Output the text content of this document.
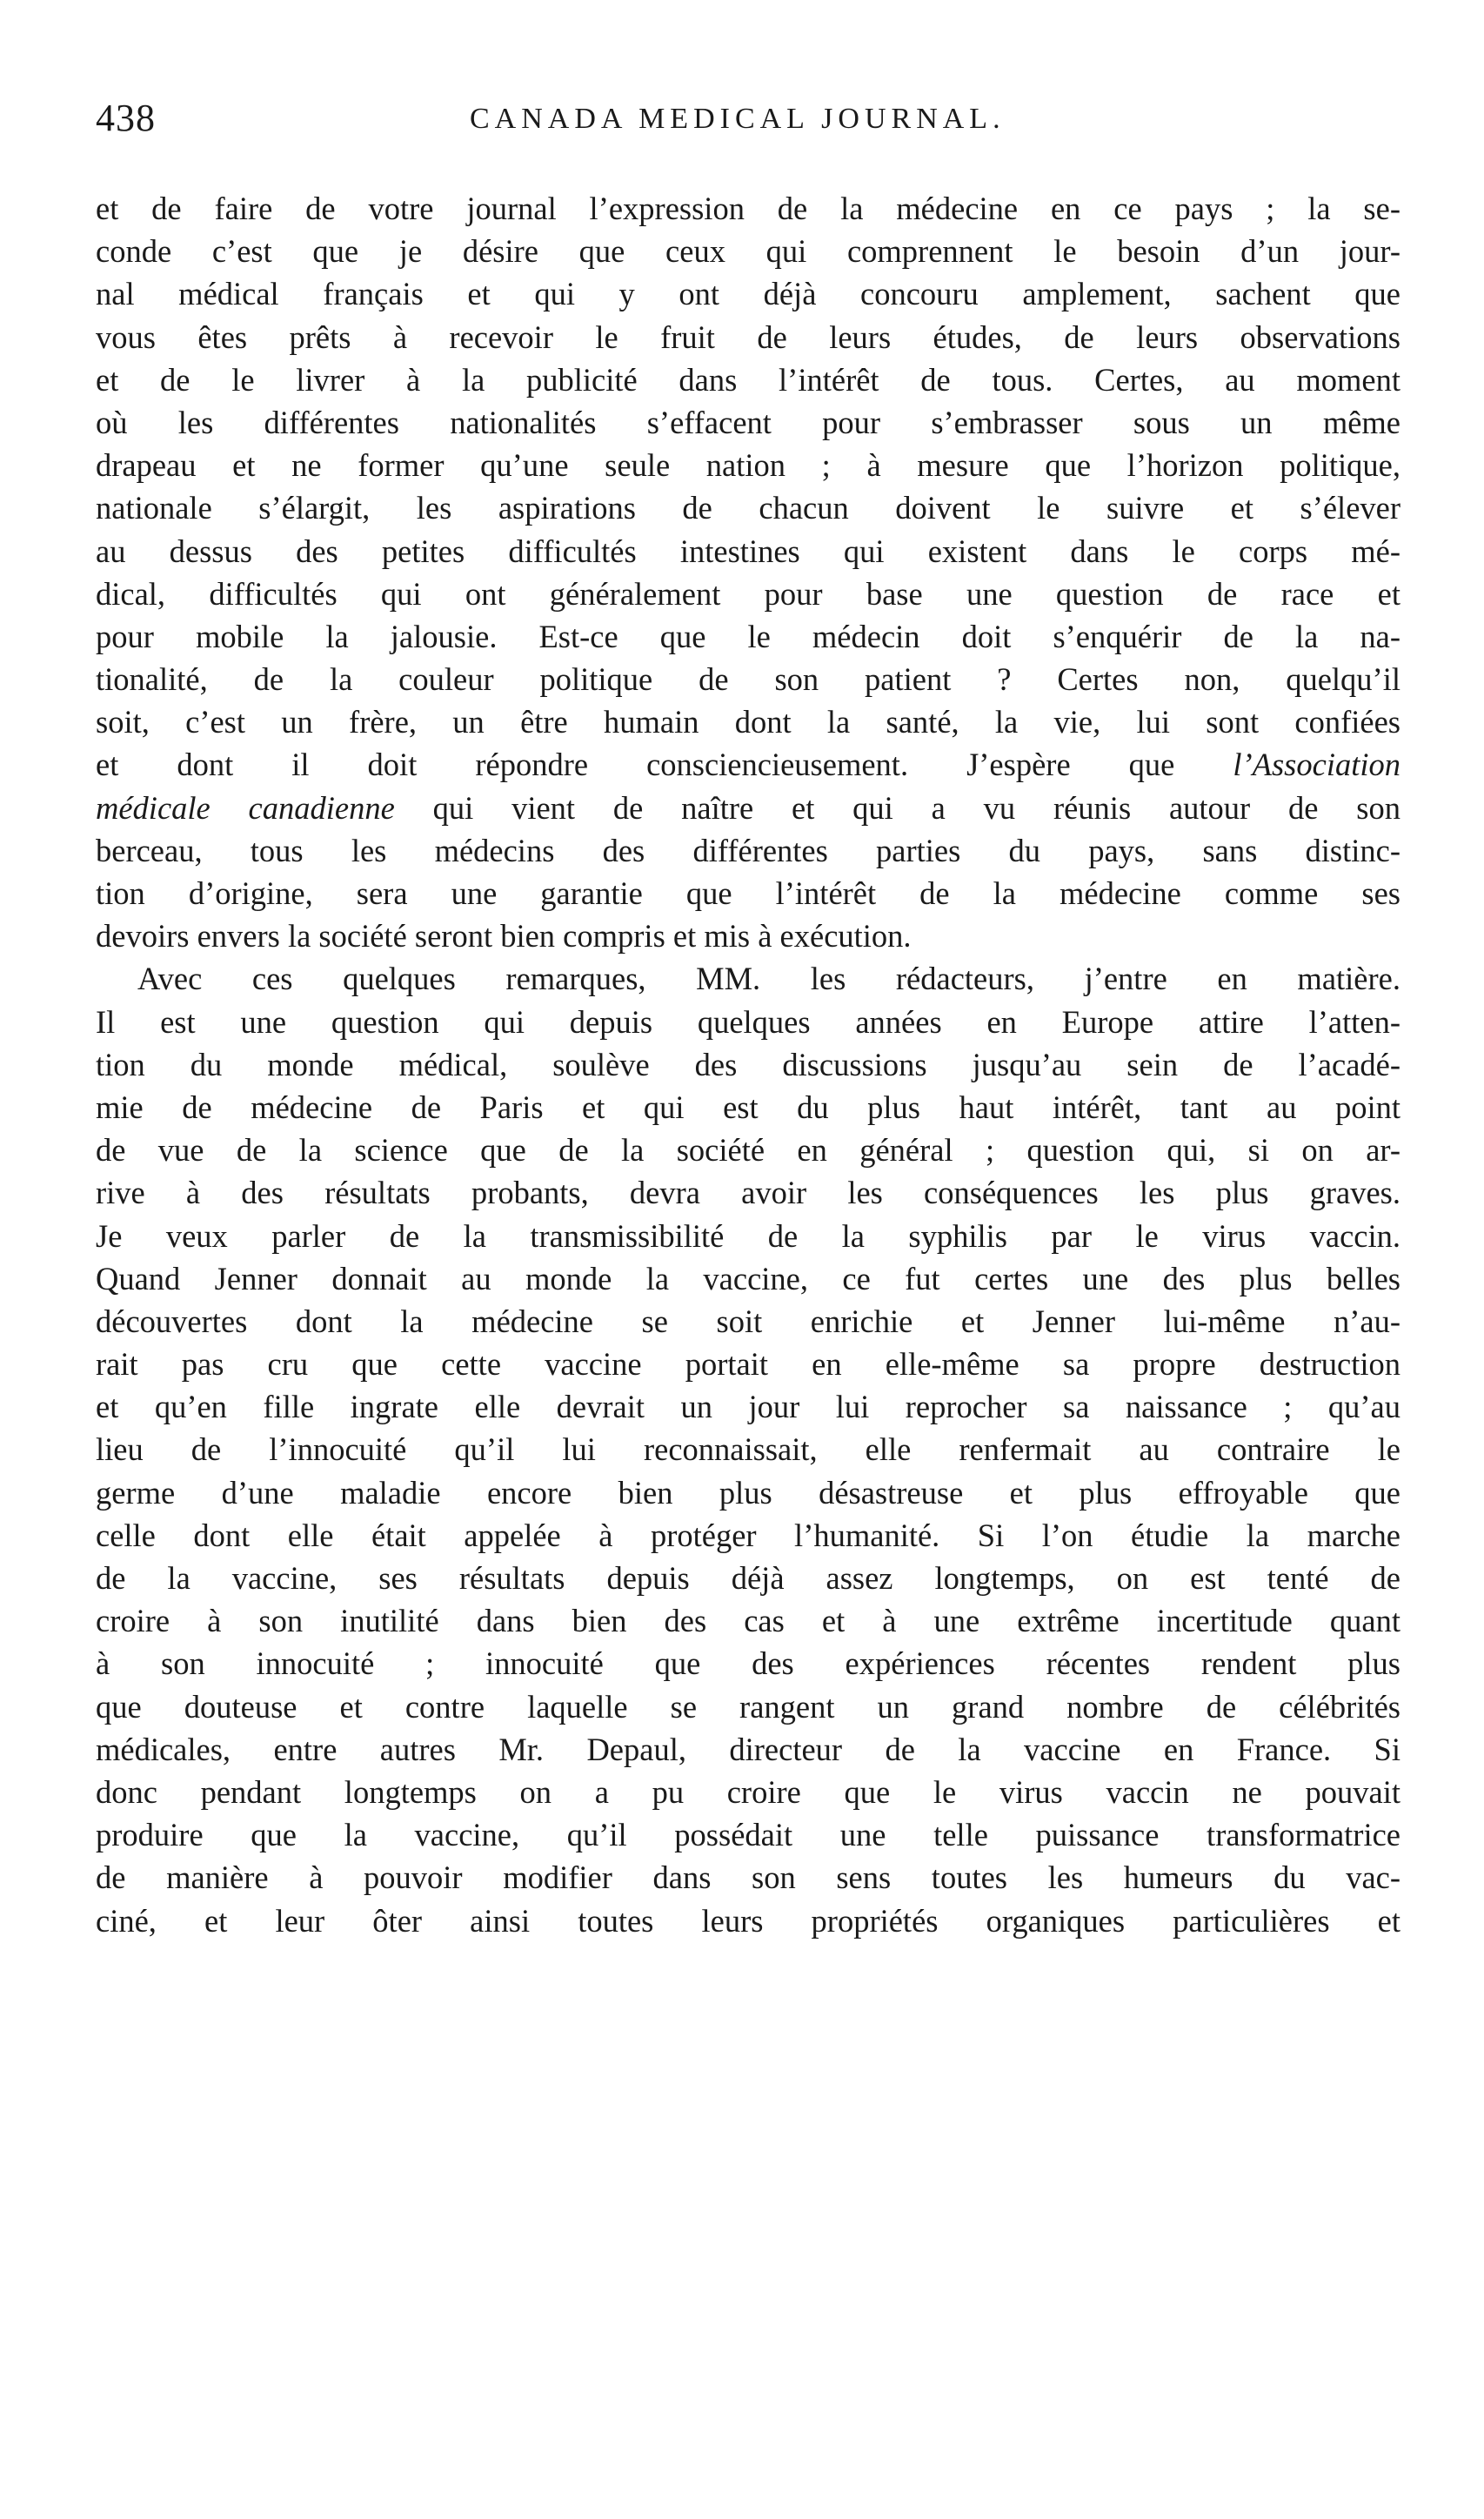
438	CANADA MEDICAL JOURNAL.
et de faire de votre journal l’expression de la médecine en ce pays ; la se-
conde c’est que je désire que ceux qui comprennent le besoin d’un jour-
nal médical français et qui y ont déjà concouru amplement, sachent que
vous êtes prêts à recevoir le fruit de leurs études, de leurs observations
et de le livrer à la publicité dans l’intérêt de tous. Certes, au moment
où les différentes nationalités s’effacent pour s’embrasser sous un même
drapeau et ne former qu’une seule nation ; à mesure que l’horizon politique,
nationale s’élargit, les aspirations de chacun doivent le suivre et s’élever
au dessus des petites difficultés intestines qui existent dans le corps mé-
dical, difficultés qui ont généralement pour base une question de race et
pour mobile la jalousie. Est-ce que le médecin doit s’enquérir de la na-
tionalité, de la couleur politique de son patient ? Certes non, quelqu’il
soit, c’est un frère, un être humain dont la santé, la vie, lui sont confiées
et dont il doit répondre consciencieusement. J’espère que l’Association
médicale canadienne qui vient de naître et qui a vu réunis autour de son
berceau, tous les médecins des différentes parties du pays, sans distinc-
tion d’origine, sera une garantie que l’intérêt de la médecine comme ses
devoirs envers la société seront bien compris et mis à exécution.
Avec ces quelques remarques, MM. les rédacteurs, j’entre en matière.
Il est une question qui depuis quelques années en Europe attire l’atten-
tion du monde médical, soulève des discussions jusqu’au sein de l’acadé-
mie de médecine de Paris et qui est du plus haut intérêt, tant au point
de vue de la science que de la société en général ; question qui, si on ar-
rive à des résultats probants, devra avoir les conséquences les plus graves.
Je veux parler de la transmissibilité de la syphilis par le virus vaccin.
Quand Jenner donnait au monde la vaccine, ce fut certes une des plus belles
découvertes dont la médecine se soit enrichie et Jenner lui-même n’au-
rait pas cru que cette vaccine portait en elle-même sa propre destruction
et qu’en fille ingrate elle devrait un jour lui reprocher sa naissance ; qu’au
lieu de l’innocuité qu’il lui reconnaissait, elle renfermait au contraire le
germe d’une maladie encore bien plus désastreuse et plus effroyable que
celle dont elle était appelée à protéger l’humanité. Si l’on étudie la marche
de la vaccine, ses résultats depuis déjà assez longtemps, on est tenté de
croire à son inutilité dans bien des cas et à une extrême incertitude quant
à son innocuité ; innocuité que des expériences récentes rendent plus
que douteuse et contre laquelle se rangent un grand nombre de célébrités
médicales, entre autres Mr. Depaul, directeur de la vaccine en France. Si
donc pendant longtemps on a pu croire que le virus vaccin ne pouvait
produire que la vaccine, qu’il possédait une telle puissance transformatrice
de manière à pouvoir modifier dans son sens toutes les humeurs du vac-
ciné, et leur ôter ainsi toutes leurs propriétés organiques particulières et
